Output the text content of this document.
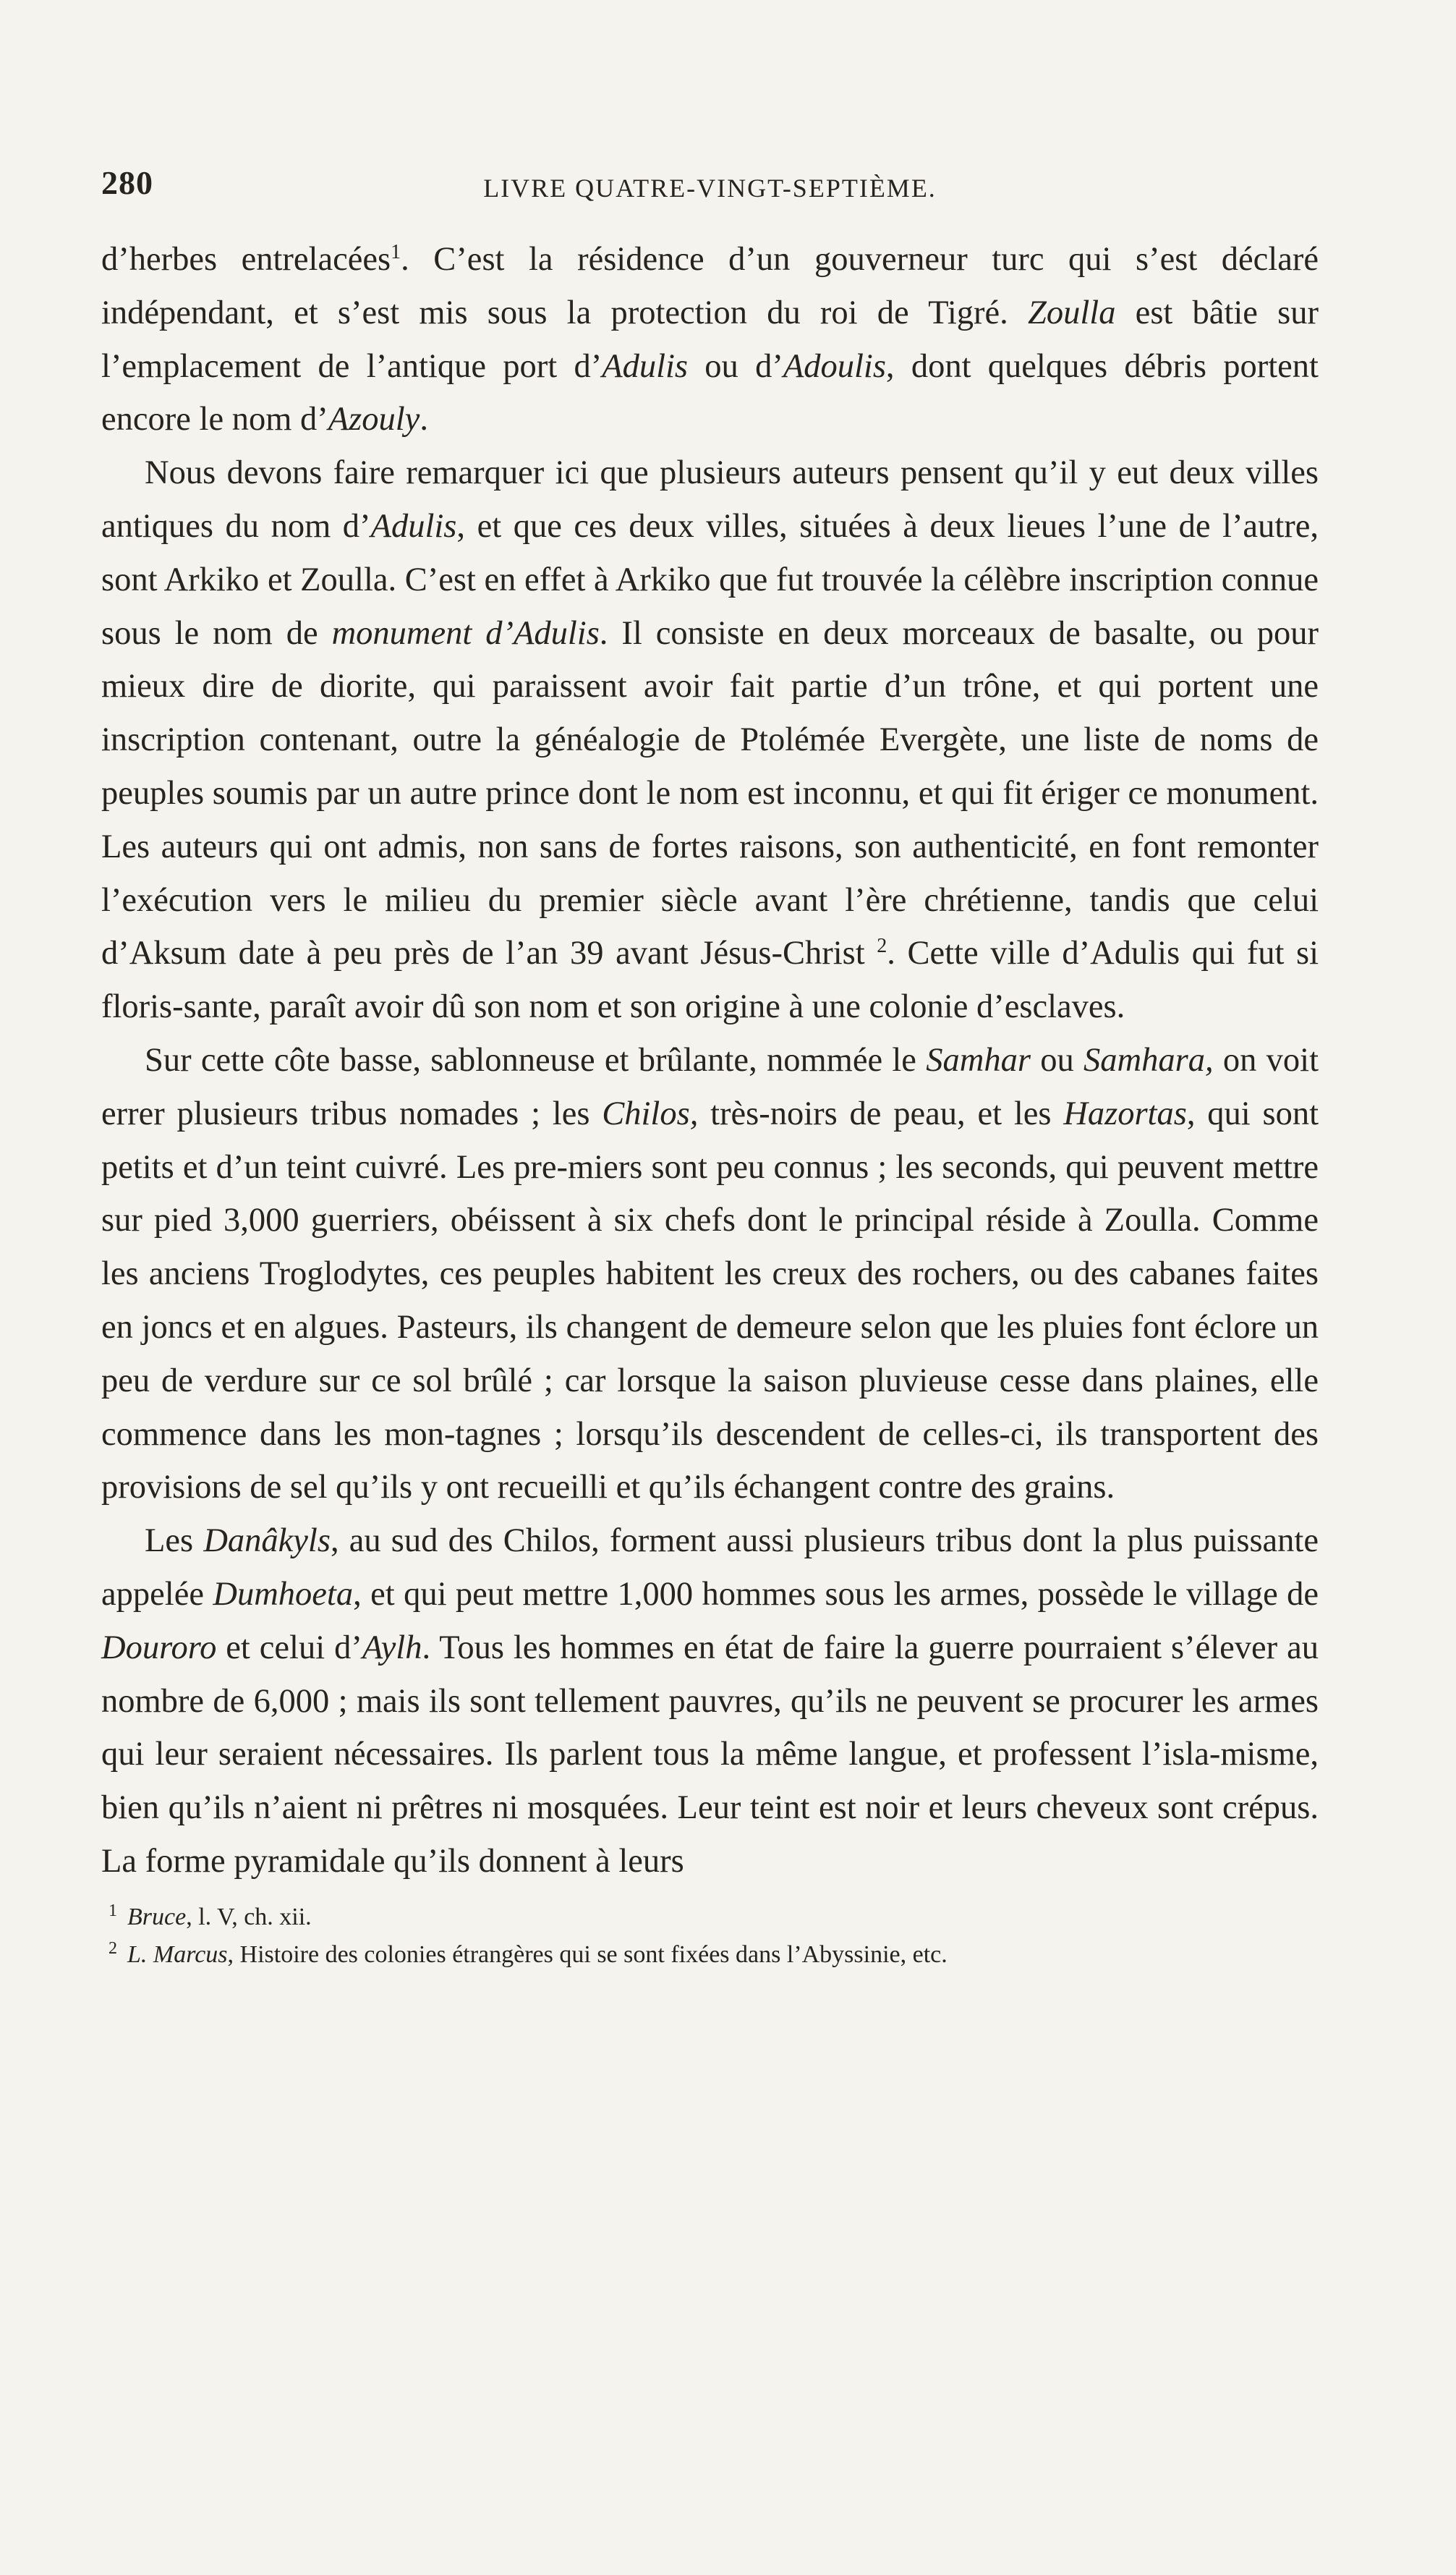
280	LIVRE QUATRE-VINGT-SEPTIÈME.

d’herbes entrelacées$^1$. C’est la résidence d’un gouverneur turc qui s’est déclaré indépendant, et s’est mis sous la protection du roi de Tigré. Zoulla est bâtie sur l’emplacement de l’antique port d’Adulis ou d’Adoulis, dont quelques débris portent encore le nom d’Azouly.

Nous devons faire remarquer ici que plusieurs auteurs pensent qu’il y eut deux villes antiques du nom d’Adulis, et que ces deux villes, situées à deux lieues l’une de l’autre, sont Arkiko et Zoulla. C’est en effet à Arkiko que fut trouvée la célèbre inscription connue sous le nom de monument d’Adulis. Il consiste en deux morceaux de basalte, ou pour mieux dire de diorite, qui paraissent avoir fait partie d’un trône, et qui portent une inscription contenant, outre la généalogie de Ptolémée Evergète, une liste de noms de peuples soumis par un autre prince dont le nom est inconnu, et qui fit ériger ce monument. Les auteurs qui ont admis, non sans de fortes raisons, son authenticité, en font remonter l’exécution vers le milieu du premier siècle avant l’ère chrétienne, tandis que celui d’Aksum date à peu près de l’an 39 avant Jésus-Christ $^2$. Cette ville d’Adulis qui fut si floris-sante, paraît avoir dû son nom et son origine à une colonie d’esclaves.

Sur cette côte basse, sablonneuse et brûlante, nommée le Samhar ou Samhara, on voit errer plusieurs tribus nomades ; les Chilos, très-noirs de peau, et les Hazortas, qui sont petits et d’un teint cuivré. Les pre-miers sont peu connus ; les seconds, qui peuvent mettre sur pied 3,000 guerriers, obéissent à six chefs dont le principal réside à Zoulla. Comme les anciens Troglodytes, ces peuples habitent les creux des rochers, ou des cabanes faites en joncs et en algues. Pasteurs, ils changent de demeure selon que les pluies font éclore un peu de verdure sur ce sol brûlé ; car lorsque la saison pluvieuse cesse dans plaines, elle commence dans les mon-tagnes ; lorsqu’ils descendent de celles-ci, ils transportent des provisions de sel qu’ils y ont recueilli et qu’ils échangent contre des grains.

Les Danâkyls, au sud des Chilos, forment aussi plusieurs tribus dont la plus puissante appelée Dumhoeta, et qui peut mettre 1,000 hommes sous les armes, possède le village de Douroro et celui d’Aylh. Tous les hommes en état de faire la guerre pourraient s’élever au nombre de 6,000 ; mais ils sont tellement pauvres, qu’ils ne peuvent se procurer les armes qui leur seraient nécessaires. Ils parlent tous la même langue, et professent l’isla-misme, bien qu’ils n’aient ni prêtres ni mosquées. Leur teint est noir et leurs cheveux sont crépus. La forme pyramidale qu’ils donnent à leurs

$^1$ Bruce, l. V, ch. xii.
$^2$ L. Marcus, Histoire des colonies étrangères qui se sont fixées dans l’Abyssinie, etc.
